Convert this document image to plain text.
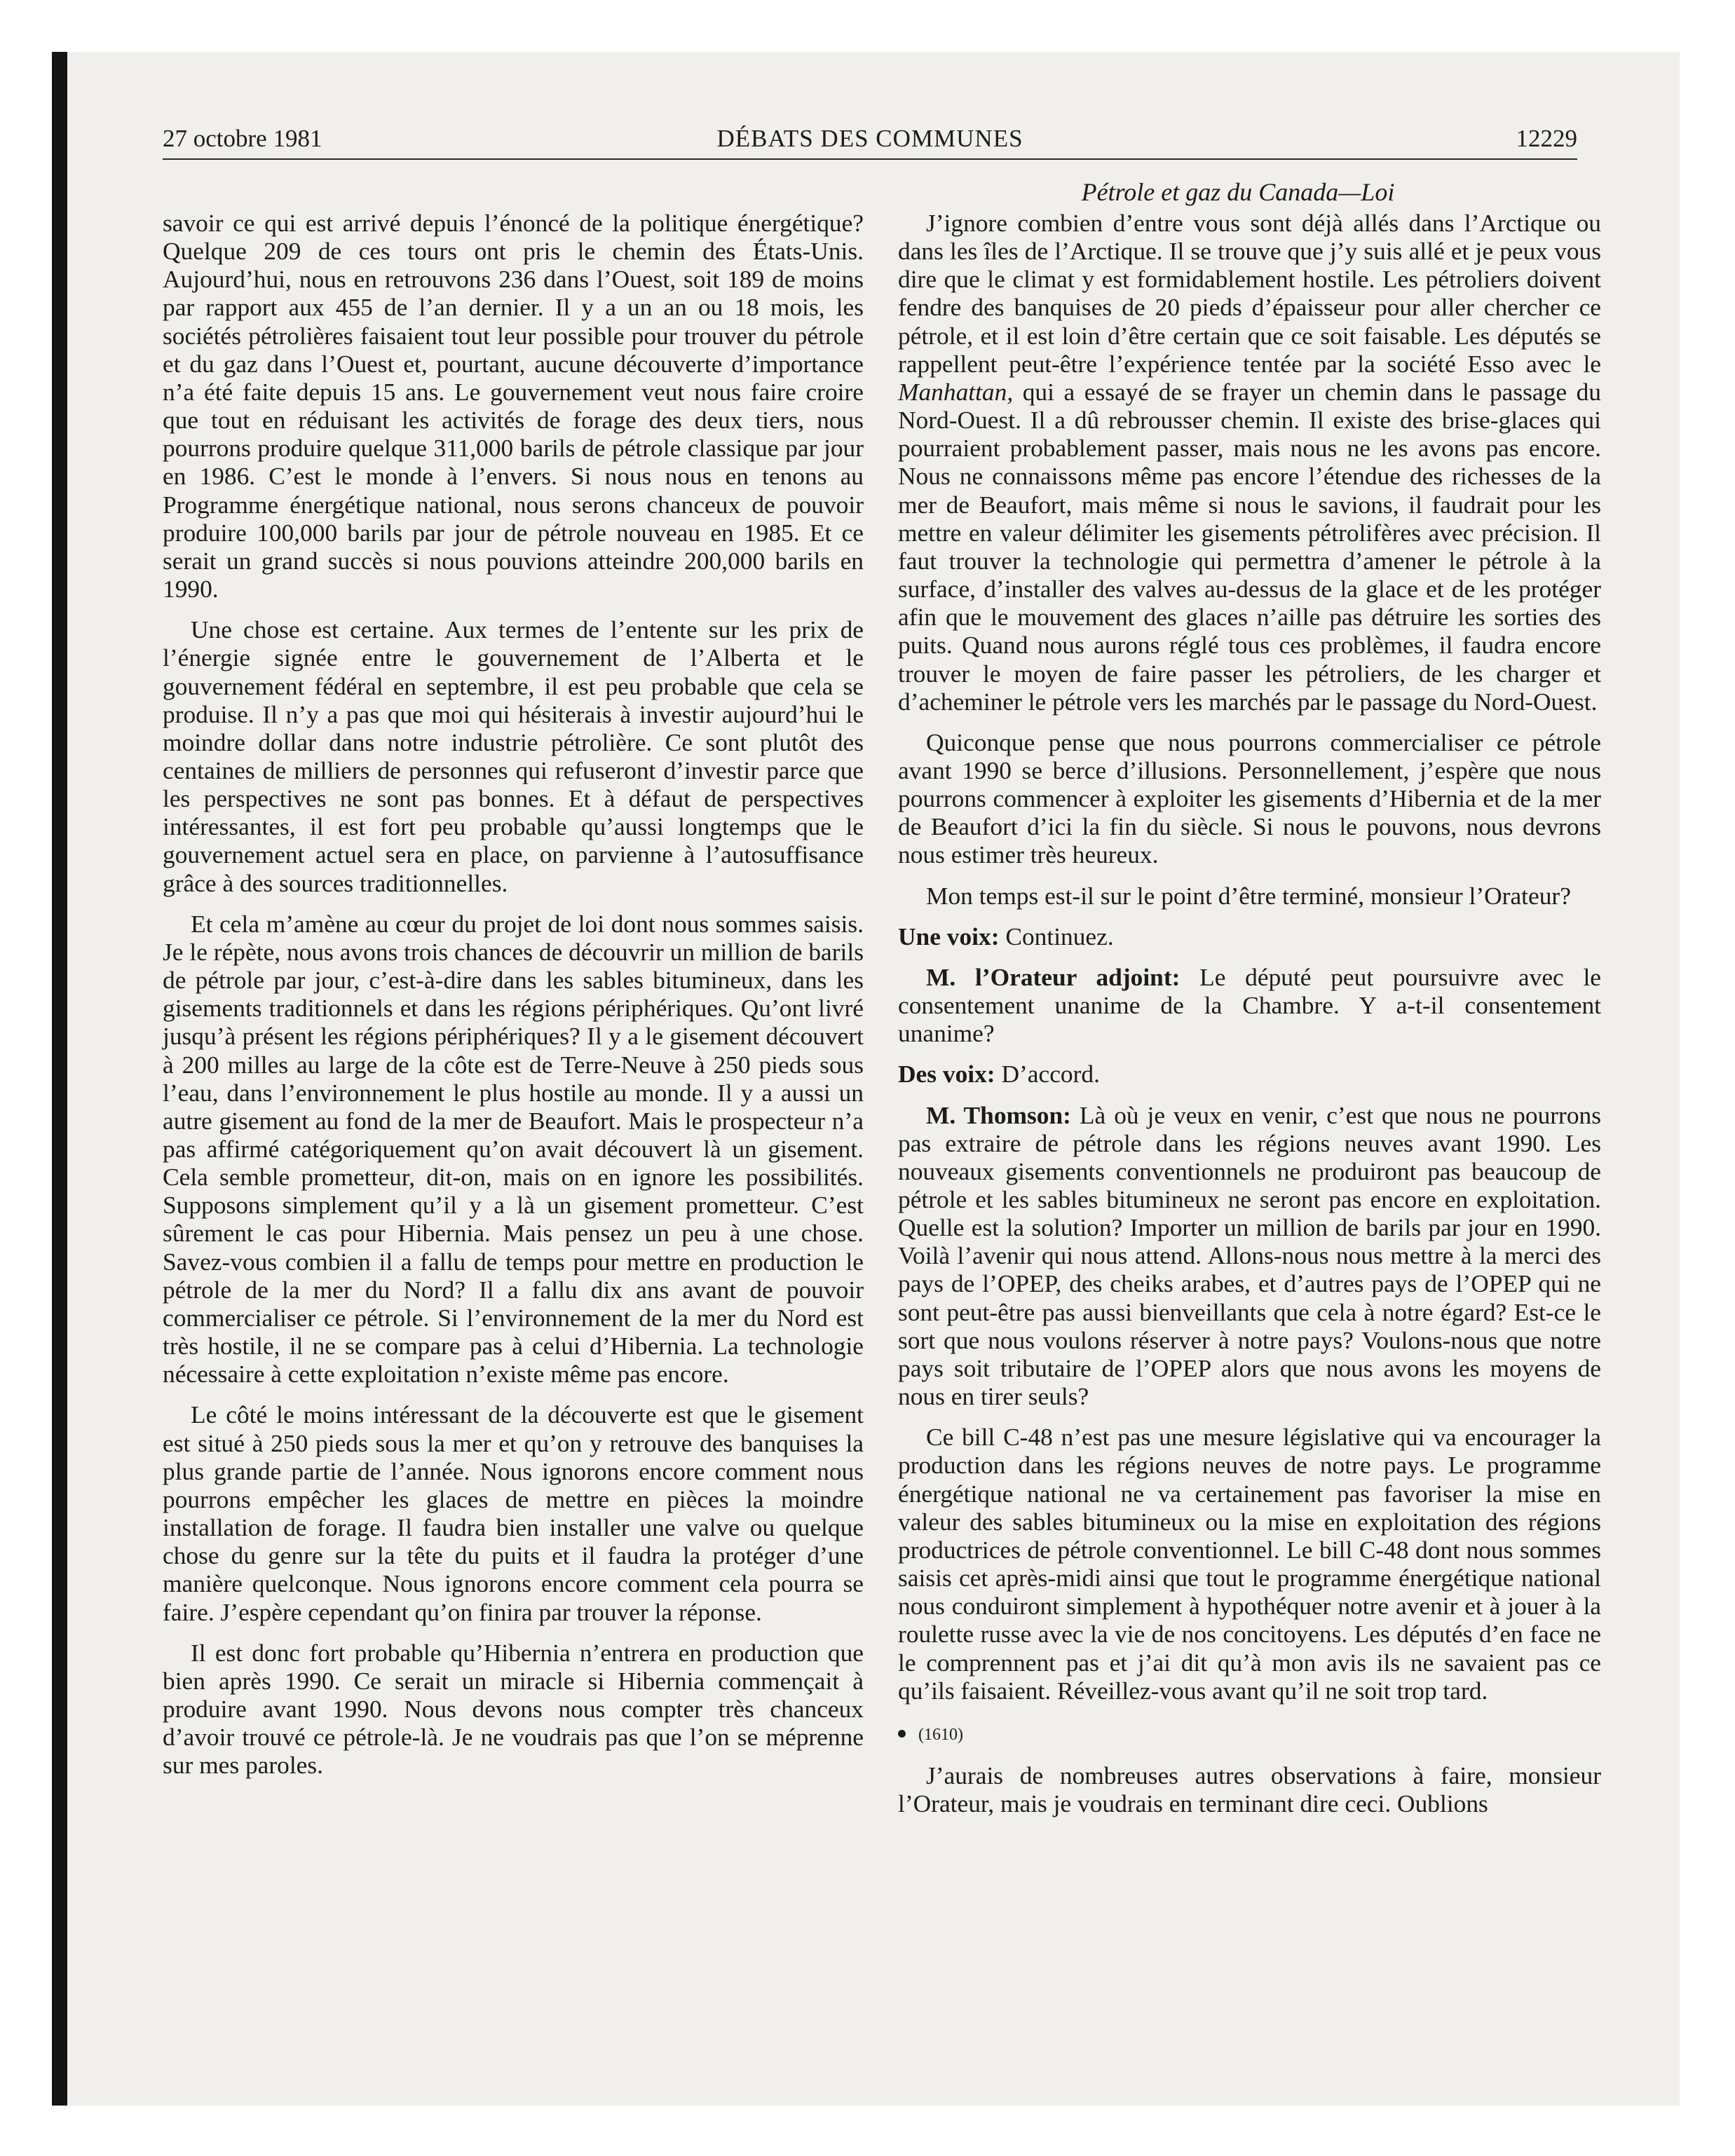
27 octobre 1981	DÉBATS DES COMMUNES	12229
Pétrole et gaz du Canada—Loi

savoir ce qui est arrivé depuis l’énoncé de la politique énergétique? Quelque 209 de ces tours ont pris le chemin des États-Unis. Aujourd’hui, nous en retrouvons 236 dans l’Ouest, soit 189 de moins par rapport aux 455 de l’an dernier. Il y a un an ou 18 mois, les sociétés pétrolières faisaient tout leur possible pour trouver du pétrole et du gaz dans l’Ouest et, pourtant, aucune découverte d’importance n’a été faite depuis 15 ans. Le gouvernement veut nous faire croire que tout en réduisant les activités de forage des deux tiers, nous pourrons produire quelque 311,000 barils de pétrole classique par jour en 1986. C’est le monde à l’envers. Si nous nous en tenons au Programme énergétique national, nous serons chanceux de pouvoir produire 100,000 barils par jour de pétrole nouveau en 1985. Et ce serait un grand succès si nous pouvions atteindre 200,000 barils en 1990.

Une chose est certaine. Aux termes de l’entente sur les prix de l’énergie signée entre le gouvernement de l’Alberta et le gouvernement fédéral en septembre, il est peu probable que cela se produise. Il n’y a pas que moi qui hésiterais à investir aujourd’hui le moindre dollar dans notre industrie pétrolière. Ce sont plutôt des centaines de milliers de personnes qui refuseront d’investir parce que les perspectives ne sont pas bonnes. Et à défaut de perspectives intéressantes, il est fort peu probable qu’aussi longtemps que le gouvernement actuel sera en place, on parvienne à l’autosuffisance grâce à des sources traditionnelles.

Et cela m’amène au cœur du projet de loi dont nous sommes saisis. Je le répète, nous avons trois chances de découvrir un million de barils de pétrole par jour, c’est-à-dire dans les sables bitumineux, dans les gisements traditionnels et dans les régions périphériques. Qu’ont livré jusqu’à présent les régions périphériques? Il y a le gisement découvert à 200 milles au large de la côte est de Terre-Neuve à 250 pieds sous l’eau, dans l’environnement le plus hostile au monde. Il y a aussi un autre gisement au fond de la mer de Beaufort. Mais le prospecteur n’a pas affirmé catégoriquement qu’on avait découvert là un gisement. Cela semble prometteur, dit-on, mais on en ignore les possibilités. Supposons simplement qu’il y a là un gisement prometteur. C’est sûrement le cas pour Hibernia. Mais pensez un peu à une chose. Savez-vous combien il a fallu de temps pour mettre en production le pétrole de la mer du Nord? Il a fallu dix ans avant de pouvoir commercialiser ce pétrole. Si l’environnement de la mer du Nord est très hostile, il ne se compare pas à celui d’Hibernia. La technologie nécessaire à cette exploitation n’existe même pas encore.

Le côté le moins intéressant de la découverte est que le gisement est situé à 250 pieds sous la mer et qu’on y retrouve des banquises la plus grande partie de l’année. Nous ignorons encore comment nous pourrons empêcher les glaces de mettre en pièces la moindre installation de forage. Il faudra bien installer une valve ou quelque chose du genre sur la tête du puits et il faudra la protéger d’une manière quelconque. Nous ignorons encore comment cela pourra se faire. J’espère cependant qu’on finira par trouver la réponse.

Il est donc fort probable qu’Hibernia n’entrera en production que bien après 1990. Ce serait un miracle si Hibernia commençait à produire avant 1990. Nous devons nous compter très chanceux d’avoir trouvé ce pétrole-là. Je ne voudrais pas que l’on se méprenne sur mes paroles.

J’ignore combien d’entre vous sont déjà allés dans l’Arctique ou dans les îles de l’Arctique. Il se trouve que j’y suis allé et je peux vous dire que le climat y est formidablement hostile. Les pétroliers doivent fendre des banquises de 20 pieds d’épaisseur pour aller chercher ce pétrole, et il est loin d’être certain que ce soit faisable. Les députés se rappellent peut-être l’expérience tentée par la société Esso avec le Manhattan, qui a essayé de se frayer un chemin dans le passage du Nord-Ouest. Il a dû rebrousser chemin. Il existe des brise-glaces qui pourraient probablement passer, mais nous ne les avons pas encore. Nous ne connaissons même pas encore l’étendue des richesses de la mer de Beaufort, mais même si nous le savions, il faudrait pour les mettre en valeur délimiter les gisements pétrolifères avec précision. Il faut trouver la technologie qui permettra d’amener le pétrole à la surface, d’installer des valves au-dessus de la glace et de les protéger afin que le mouvement des glaces n’aille pas détruire les sorties des puits. Quand nous aurons réglé tous ces problèmes, il faudra encore trouver le moyen de faire passer les pétroliers, de les charger et d’acheminer le pétrole vers les marchés par le passage du Nord-Ouest.

Quiconque pense que nous pourrons commercialiser ce pétrole avant 1990 se berce d’illusions. Personnellement, j’espère que nous pourrons commencer à exploiter les gisements d’Hibernia et de la mer de Beaufort d’ici la fin du siècle. Si nous le pouvons, nous devrons nous estimer très heureux.

Mon temps est-il sur le point d’être terminé, monsieur l’Orateur?

Une voix: Continuez.

M. l’Orateur adjoint: Le député peut poursuivre avec le consentement unanime de la Chambre. Y a-t-il consentement unanime?

Des voix: D’accord.

M. Thomson: Là où je veux en venir, c’est que nous ne pourrons pas extraire de pétrole dans les régions neuves avant 1990. Les nouveaux gisements conventionnels ne produiront pas beaucoup de pétrole et les sables bitumineux ne seront pas encore en exploitation. Quelle est la solution? Importer un million de barils par jour en 1990. Voilà l’avenir qui nous attend. Allons-nous nous mettre à la merci des pays de l’OPEP, des cheiks arabes, et d’autres pays de l’OPEP qui ne sont peut-être pas aussi bienveillants que cela à notre égard? Est-ce le sort que nous voulons réserver à notre pays? Voulons-nous que notre pays soit tributaire de l’OPEP alors que nous avons les moyens de nous en tirer seuls?

Ce bill C-48 n’est pas une mesure législative qui va encourager la production dans les régions neuves de notre pays. Le programme énergétique national ne va certainement pas favoriser la mise en valeur des sables bitumineux ou la mise en exploitation des régions productrices de pétrole conventionnel. Le bill C-48 dont nous sommes saisis cet après-midi ainsi que tout le programme énergétique national nous conduiront simplement à hypothéquer notre avenir et à jouer à la roulette russe avec la vie de nos concitoyens. Les députés d’en face ne le comprennent pas et j’ai dit qu’à mon avis ils ne savaient pas ce qu’ils faisaient. Réveillez-vous avant qu’il ne soit trop tard.

(1610)

J’aurais de nombreuses autres observations à faire, monsieur l’Orateur, mais je voudrais en terminant dire ceci. Oublions
